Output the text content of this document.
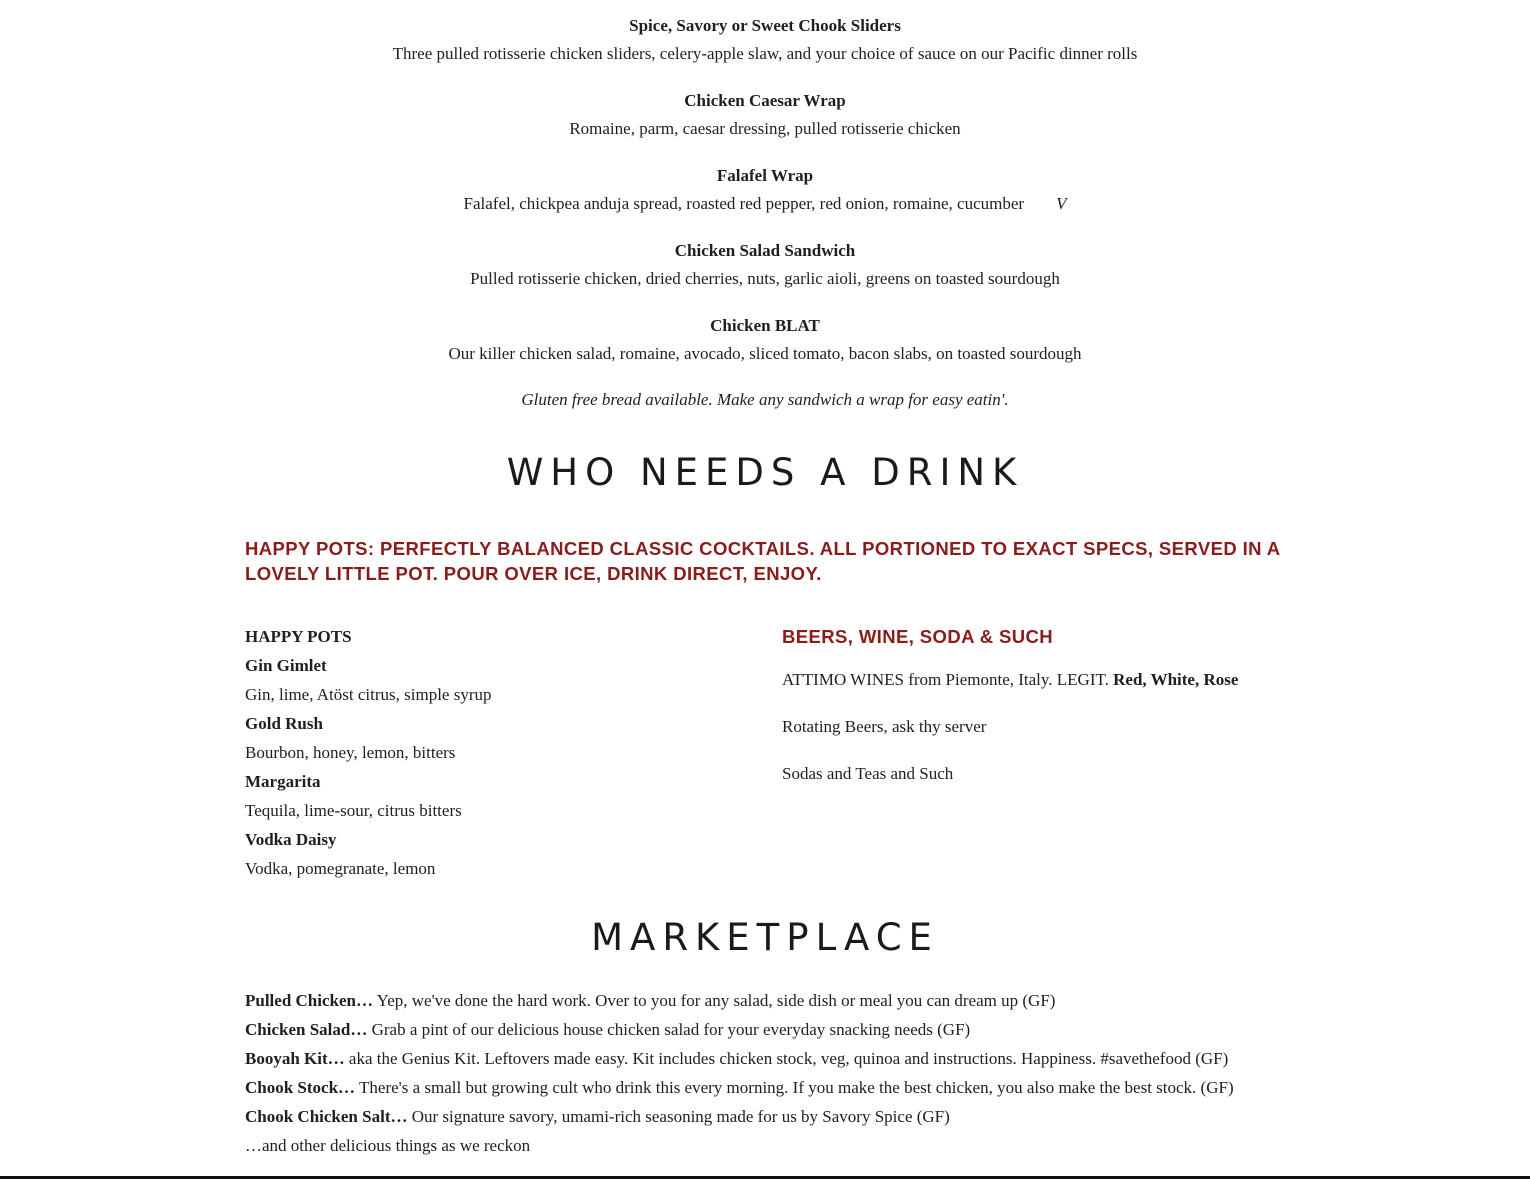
Spice, Savory or Sweet Chook Sliders
Three pulled rotisserie chicken sliders, celery-apple slaw, and your choice of sauce on our Pacific dinner rolls
Chicken Caesar Wrap
Romaine, parm, caesar dressing, pulled rotisserie chicken
Falafel Wrap
Falafel, chickpea anduja spread, roasted red pepper, red onion, romaine, cucumber V
Chicken Salad Sandwich
Pulled rotisserie chicken, dried cherries, nuts, garlic aioli, greens on toasted sourdough
Chicken BLAT
Our killer chicken salad, romaine, avocado, sliced tomato, bacon slabs, on toasted sourdough
Gluten free bread available. Make any sandwich a wrap for easy eatin'.
WHO NEEDS A DRINK
HAPPY POTS: PERFECTLY BALANCED CLASSIC COCKTAILS. ALL PORTIONED TO EXACT SPECS, SERVED IN A LOVELY LITTLE POT. POUR OVER ICE, DRINK DIRECT, ENJOY.
HAPPY POTS
Gin Gimlet
Gin, lime, Atöst citrus, simple syrup
Gold Rush
Bourbon, honey, lemon, bitters
Margarita
Tequila, lime-sour, citrus bitters
Vodka Daisy
Vodka, pomegranate, lemon
BEERS, WINE, SODA & SUCH
ATTIMO WINES from Piemonte, Italy. LEGIT. Red, White, Rose
Rotating Beers, ask thy server
Sodas and Teas and Such
MARKETPLACE
Pulled Chicken… Yep, we've done the hard work. Over to you for any salad, side dish or meal you can dream up (GF)
Chicken Salad… Grab a pint of our delicious house chicken salad for your everyday snacking needs (GF)
Booyah Kit… aka the Genius Kit. Leftovers made easy. Kit includes chicken stock, veg, quinoa and instructions. Happiness. #savethefood (GF)
Chook Stock… There's a small but growing cult who drink this every morning. If you make the best chicken, you also make the best stock. (GF)
Chook Chicken Salt… Our signature savory, umami-rich seasoning made for us by Savory Spice (GF)
…and other delicious things as we reckon
